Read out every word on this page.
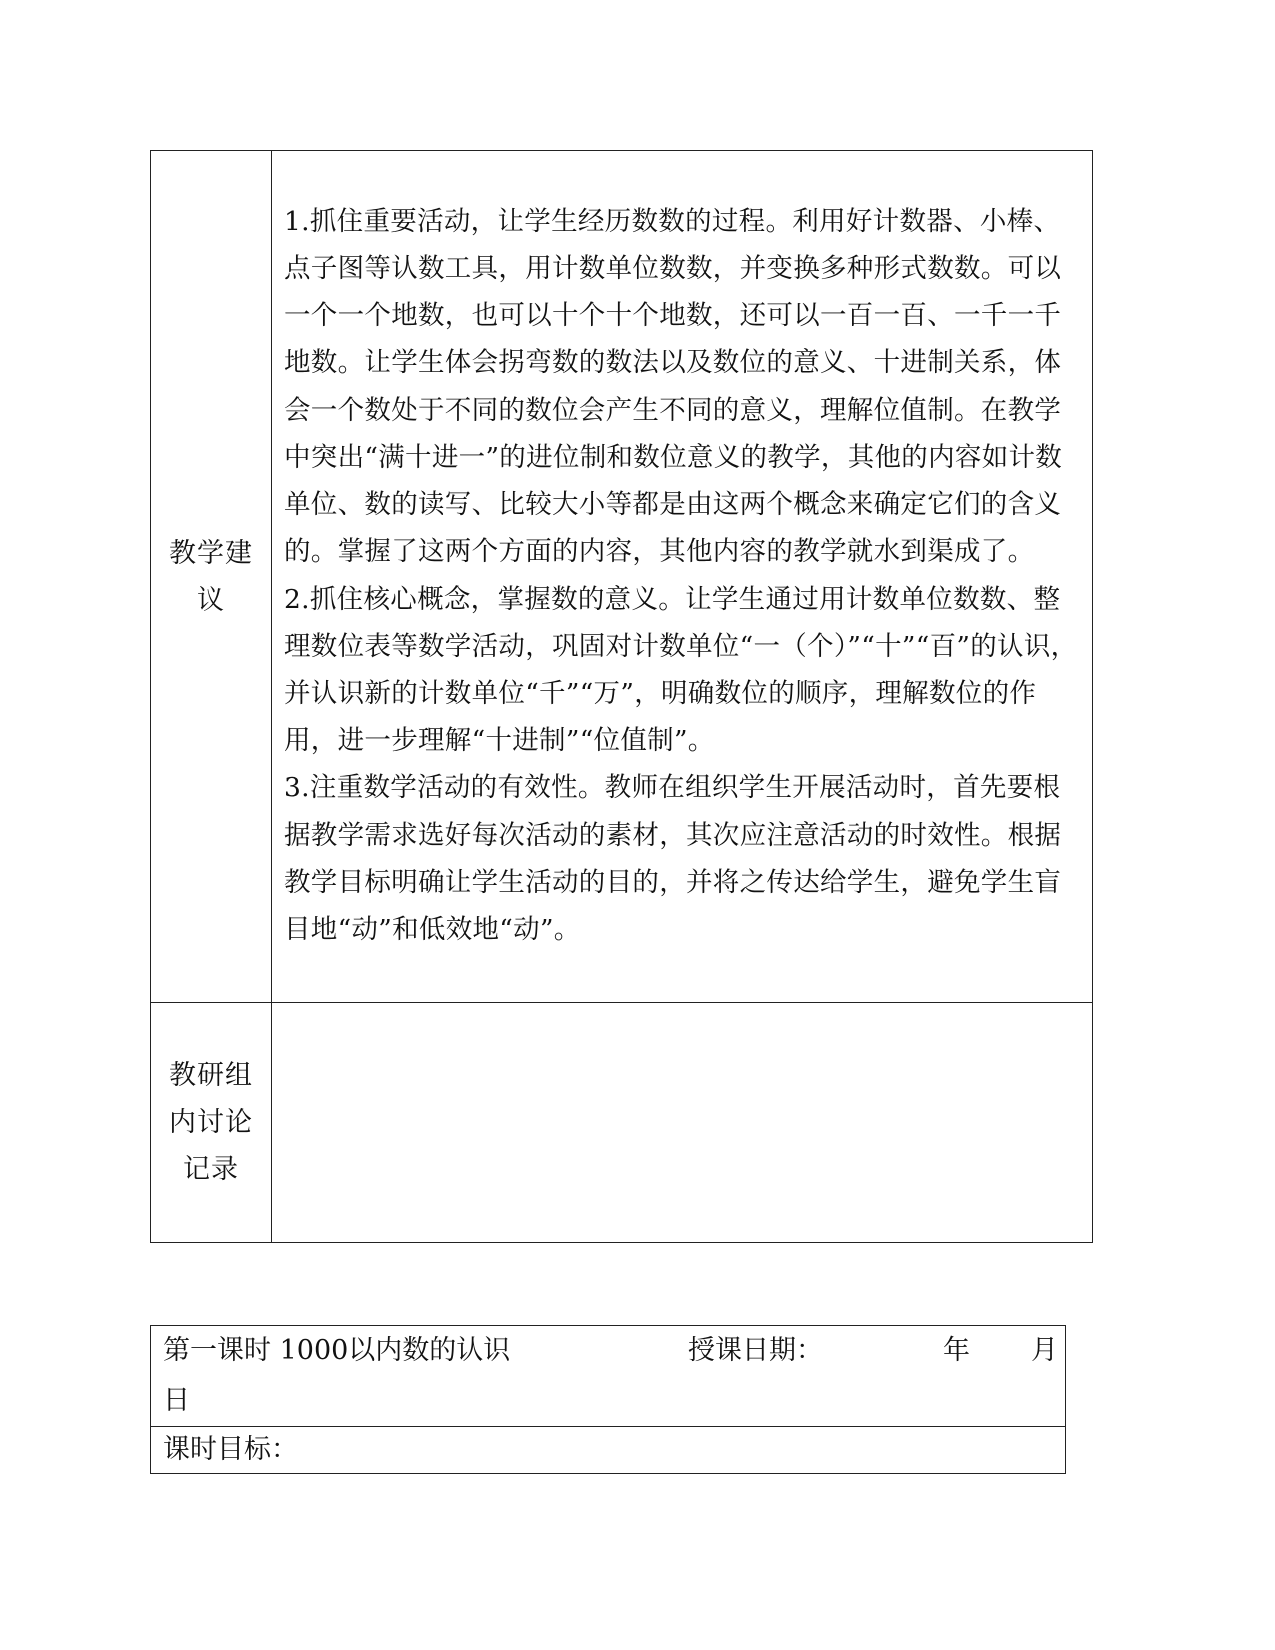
教学建议	1.抓住重要活动，让学生经历数数的过程。利用好计数器、小棒、点子图等认数工具，用计数单位数数，并变换多种形式数数。可以一个一个地数，也可以十个十个地数，还可以一百一百、一千一千地数。让学生体会拐弯数的数法以及数位的意义、十进制关系，体会一个数处于不同的数位会产生不同的意义，理解位值制。在教学中突出“满十进一”的进位制和数位意义的教学，其他的内容如计数单位、数的读写、比较大小等都是由这两个概念来确定它们的含义的。掌握了这两个方面的内容，其他内容的教学就水到渠成了。

2.抓住核心概念，掌握数的意义。让学生通过用计数单位数数、整理数位表等数学活动，巩固对计数单位“一（个）”“十”“百”的认识，并认识新的计数单位“千”“万”，明确数位的顺序，理解数位的作用，进一步理解“十进制”“位值制”。

3.注重数学活动的有效性。教师在组织学生开展活动时，首先要根据教学需求选好每次活动的素材，其次应注意活动的时效性。根据教学目标明确让学生活动的目的，并将之传达给学生，避免学生盲目地“动”和低效地“动”。

教研组内讨论记录	
第一课时 1000以内数的认识	授课日期：	年 月
日

课时目标：
